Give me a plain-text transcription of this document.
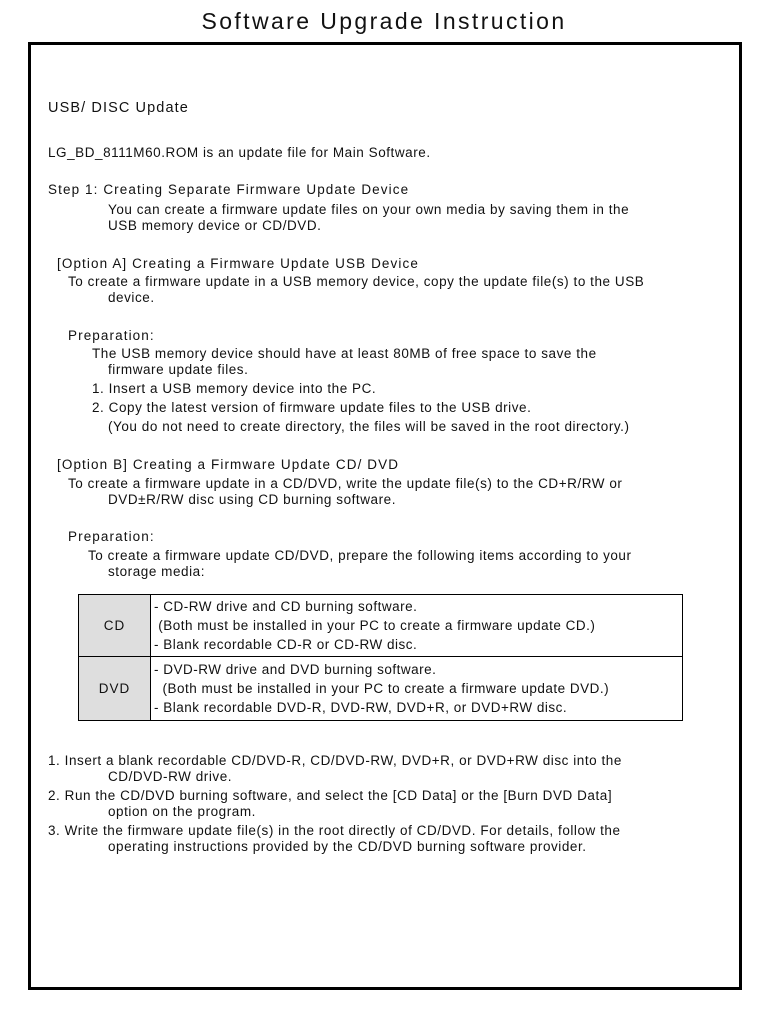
Software Upgrade Instruction
USB/ DISC Update
LG_BD_8111M60.ROM is an update file for Main Software.
Step 1: Creating Separate Firmware Update Device
You can create a firmware update files on your own media by saving them in the
USB memory device or CD/DVD.
[Option A] Creating a Firmware Update USB Device
To create a firmware update in a USB memory device, copy the update file(s) to the USB
device.
Preparation:
The USB memory device should have at least 80MB of free space to save the
firmware update files.
1. Insert a USB memory device into the PC.
2. Copy the latest version of firmware update files to the USB drive.
(You do not need to create directory, the files will be saved in the root directory.)
[Option B] Creating a Firmware Update CD/ DVD
To create a firmware update in a CD/DVD, write the update file(s) to the CD+R/RW or
DVD±R/RW disc using CD burning software.
Preparation:
To create a firmware update CD/DVD, prepare the following items according to your
storage media:
CD	- CD-RW drive and CD burning software.
(Both must be installed in your PC to create a firmware update CD.)
- Blank recordable CD-R or CD-RW disc.

DVD	- DVD-RW drive and DVD burning software.
(Both must be installed in your PC to create a firmware update DVD.)
- Blank recordable DVD-R, DVD-RW, DVD+R, or DVD+RW disc.
1. Insert a blank recordable CD/DVD-R, CD/DVD-RW, DVD+R, or DVD+RW disc into the
CD/DVD-RW drive.
2. Run the CD/DVD burning software, and select the [CD Data] or the [Burn DVD Data]
option on the program.
3. Write the firmware update file(s) in the root directly of CD/DVD. For details, follow the
operating instructions provided by the CD/DVD burning software provider.
